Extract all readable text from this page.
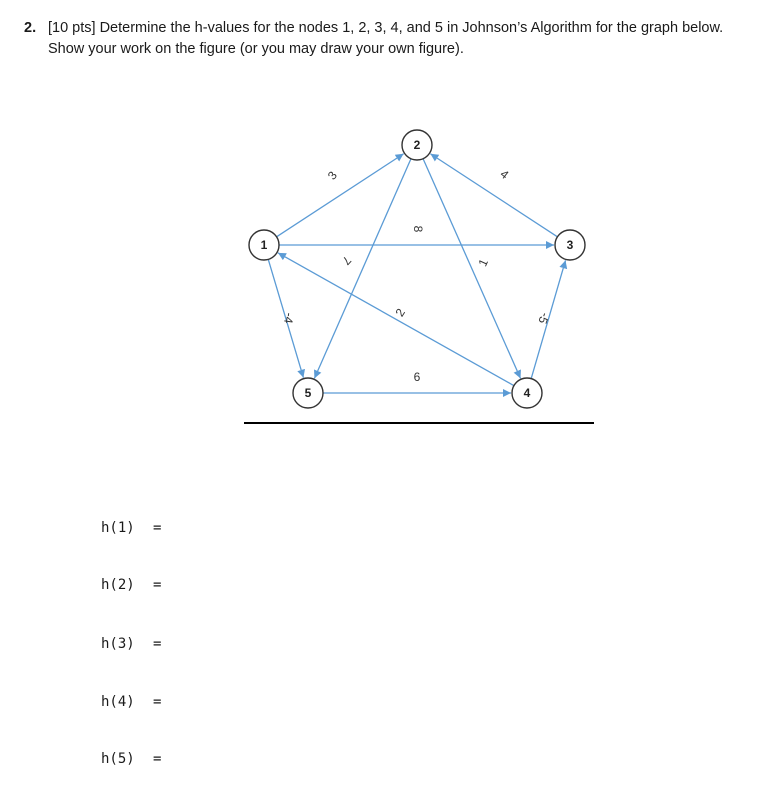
2. [10 pts] Determine the h-values for the nodes 1, 2, 3, 4, and 5 in Johnson’s Algorithm for the graph below.
Show your work on the figure (or you may draw your own figure).
3
8
-4
7	1
4
2	-5
6
1
2
3
4
5
h(1) =
h(2) =
h(3) =
h(4) =
h(5) =
